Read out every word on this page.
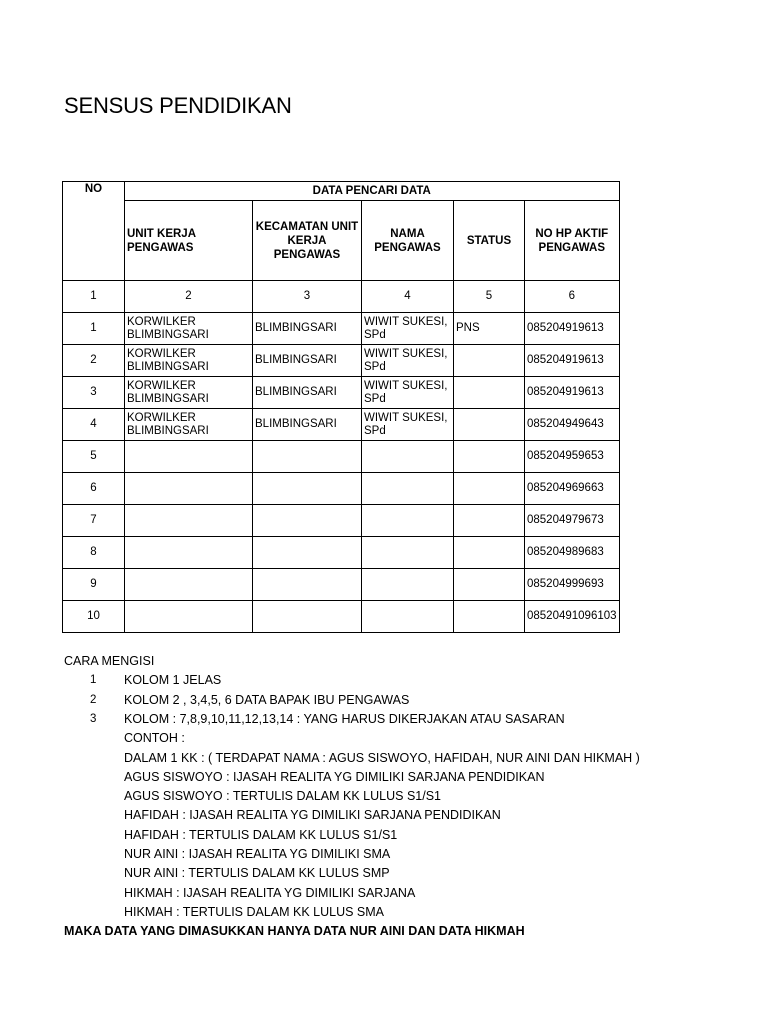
SENSUS PENDIDIKAN
NO	DATA PENCARI DATA				
	UNIT KERJA PENGAWAS	KECAMATAN UNIT KERJA PENGAWAS	NAMA PENGAWAS	STATUS	NO HP AKTIF PENGAWAS
1	2	3	4	5	6
1	KORWILKER BLIMBINGSARI	BLIMBINGSARI	WIWIT SUKESI, SPd	PNS	085204919613
2	KORWILKER BLIMBINGSARI	BLIMBINGSARI	WIWIT SUKESI, SPd		085204919613
3	KORWILKER BLIMBINGSARI	BLIMBINGSARI	WIWIT SUKESI, SPd		085204919613
4	KORWILKER BLIMBINGSARI	BLIMBINGSARI	WIWIT SUKESI, SPd		085204949643
5					085204959653
6					085204969663
7					085204979673
8					085204989683
9					085204999693
10					08520491096103
CARA MENGISI
1 KOLOM 1 JELAS
2 KOLOM 2 , 3,4,5, 6 DATA BAPAK IBU PENGAWAS
3 KOLOM : 7,8,9,10,11,12,13,14 : YANG HARUS DIKERJAKAN ATAU SASARAN
CONTOH :
DALAM 1 KK : ( TERDAPAT NAMA : AGUS SISWOYO, HAFIDAH, NUR AINI DAN HIKMAH )
AGUS SISWOYO : IJASAH REALITA YG DIMILIKI SARJANA PENDIDIKAN
AGUS SISWOYO : TERTULIS DALAM KK LULUS S1/S1
HAFIDAH : IJASAH REALITA YG DIMILIKI SARJANA PENDIDIKAN
HAFIDAH : TERTULIS DALAM KK LULUS S1/S1
NUR AINI : IJASAH REALITA YG DIMILIKI SMA
NUR AINI : TERTULIS DALAM KK LULUS SMP
HIKMAH : IJASAH REALITA YG DIMILIKI SARJANA
HIKMAH : TERTULIS DALAM KK LULUS SMA
MAKA DATA YANG DIMASUKKAN HANYA DATA NUR AINI DAN DATA HIKMAH
